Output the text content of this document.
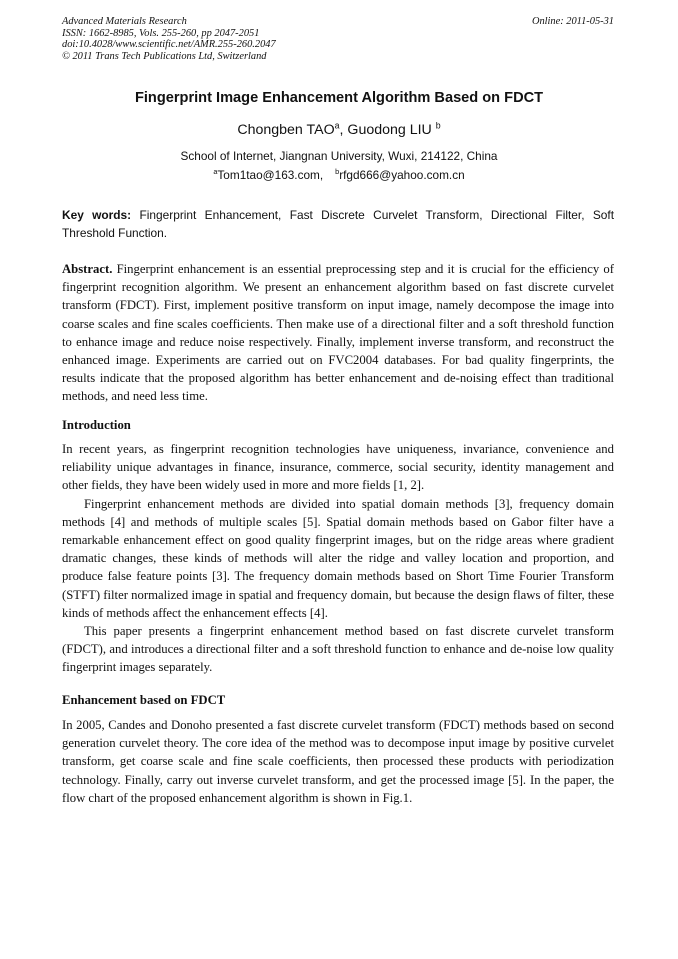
Advanced Materials Research	Online: 2011-05-31
ISSN: 1662-8985, Vols. 255-260, pp 2047-2051
doi:10.4028/www.scientific.net/AMR.255-260.2047
© 2011 Trans Tech Publications Ltd, Switzerland
Fingerprint Image Enhancement Algorithm Based on FDCT
Chongben TAO$^a$, Guodong LIU $^b$
School of Internet, Jiangnan University, Wuxi, 214122, China
$^a$Tom1tao@163.com, $^b$rfgd666@yahoo.com.cn
Key words: Fingerprint Enhancement, Fast Discrete Curvelet Transform, Directional Filter, Soft Threshold Function.

Abstract. Fingerprint enhancement is an essential preprocessing step and it is crucial for the efficiency of fingerprint recognition algorithm. We present an enhancement algorithm based on fast discrete curvelet transform (FDCT). First, implement positive transform on input image, namely decompose the image into coarse scales and fine scales coefficients. Then make use of a directional filter and a soft threshold function to enhance image and reduce noise respectively. Finally, implement inverse transform, and reconstruct the enhanced image. Experiments are carried out on FVC2004 databases. For bad quality fingerprints, the results indicate that the proposed algorithm has better enhancement and de-noising effect than traditional methods, and need less time.

Introduction

In recent years, as fingerprint recognition technologies have uniqueness, invariance, convenience and reliability unique advantages in finance, insurance, commerce, social security, identity management and other fields, they have been widely used in more and more fields [1, 2].

Fingerprint enhancement methods are divided into spatial domain methods [3], frequency domain methods [4] and methods of multiple scales [5]. Spatial domain methods based on Gabor filter have a remarkable enhancement effect on good quality fingerprint images, but on the ridge areas where gradient dramatic changes, these kinds of methods will alter the ridge and valley location and proportion, and produce false feature points [3]. The frequency domain methods based on Short Time Fourier Transform (STFT) filter normalized image in spatial and frequency domain, but because the design flaws of filter, these kinds of methods affect the enhancement effects [4].

This paper presents a fingerprint enhancement method based on fast discrete curvelet transform (FDCT), and introduces a directional filter and a soft threshold function to enhance and de-noise low quality fingerprint images separately.

Enhancement based on FDCT

In 2005, Candes and Donoho presented a fast discrete curvelet transform (FDCT) methods based on second generation curvelet theory. The core idea of the method was to decompose input image by positive curvelet transform, get coarse scale and fine scale coefficients, then processed these products with periodization technology. Finally, carry out inverse curvelet transform, and get the processed image [5]. In the paper, the flow chart of the proposed enhancement algorithm is shown in Fig.1.
